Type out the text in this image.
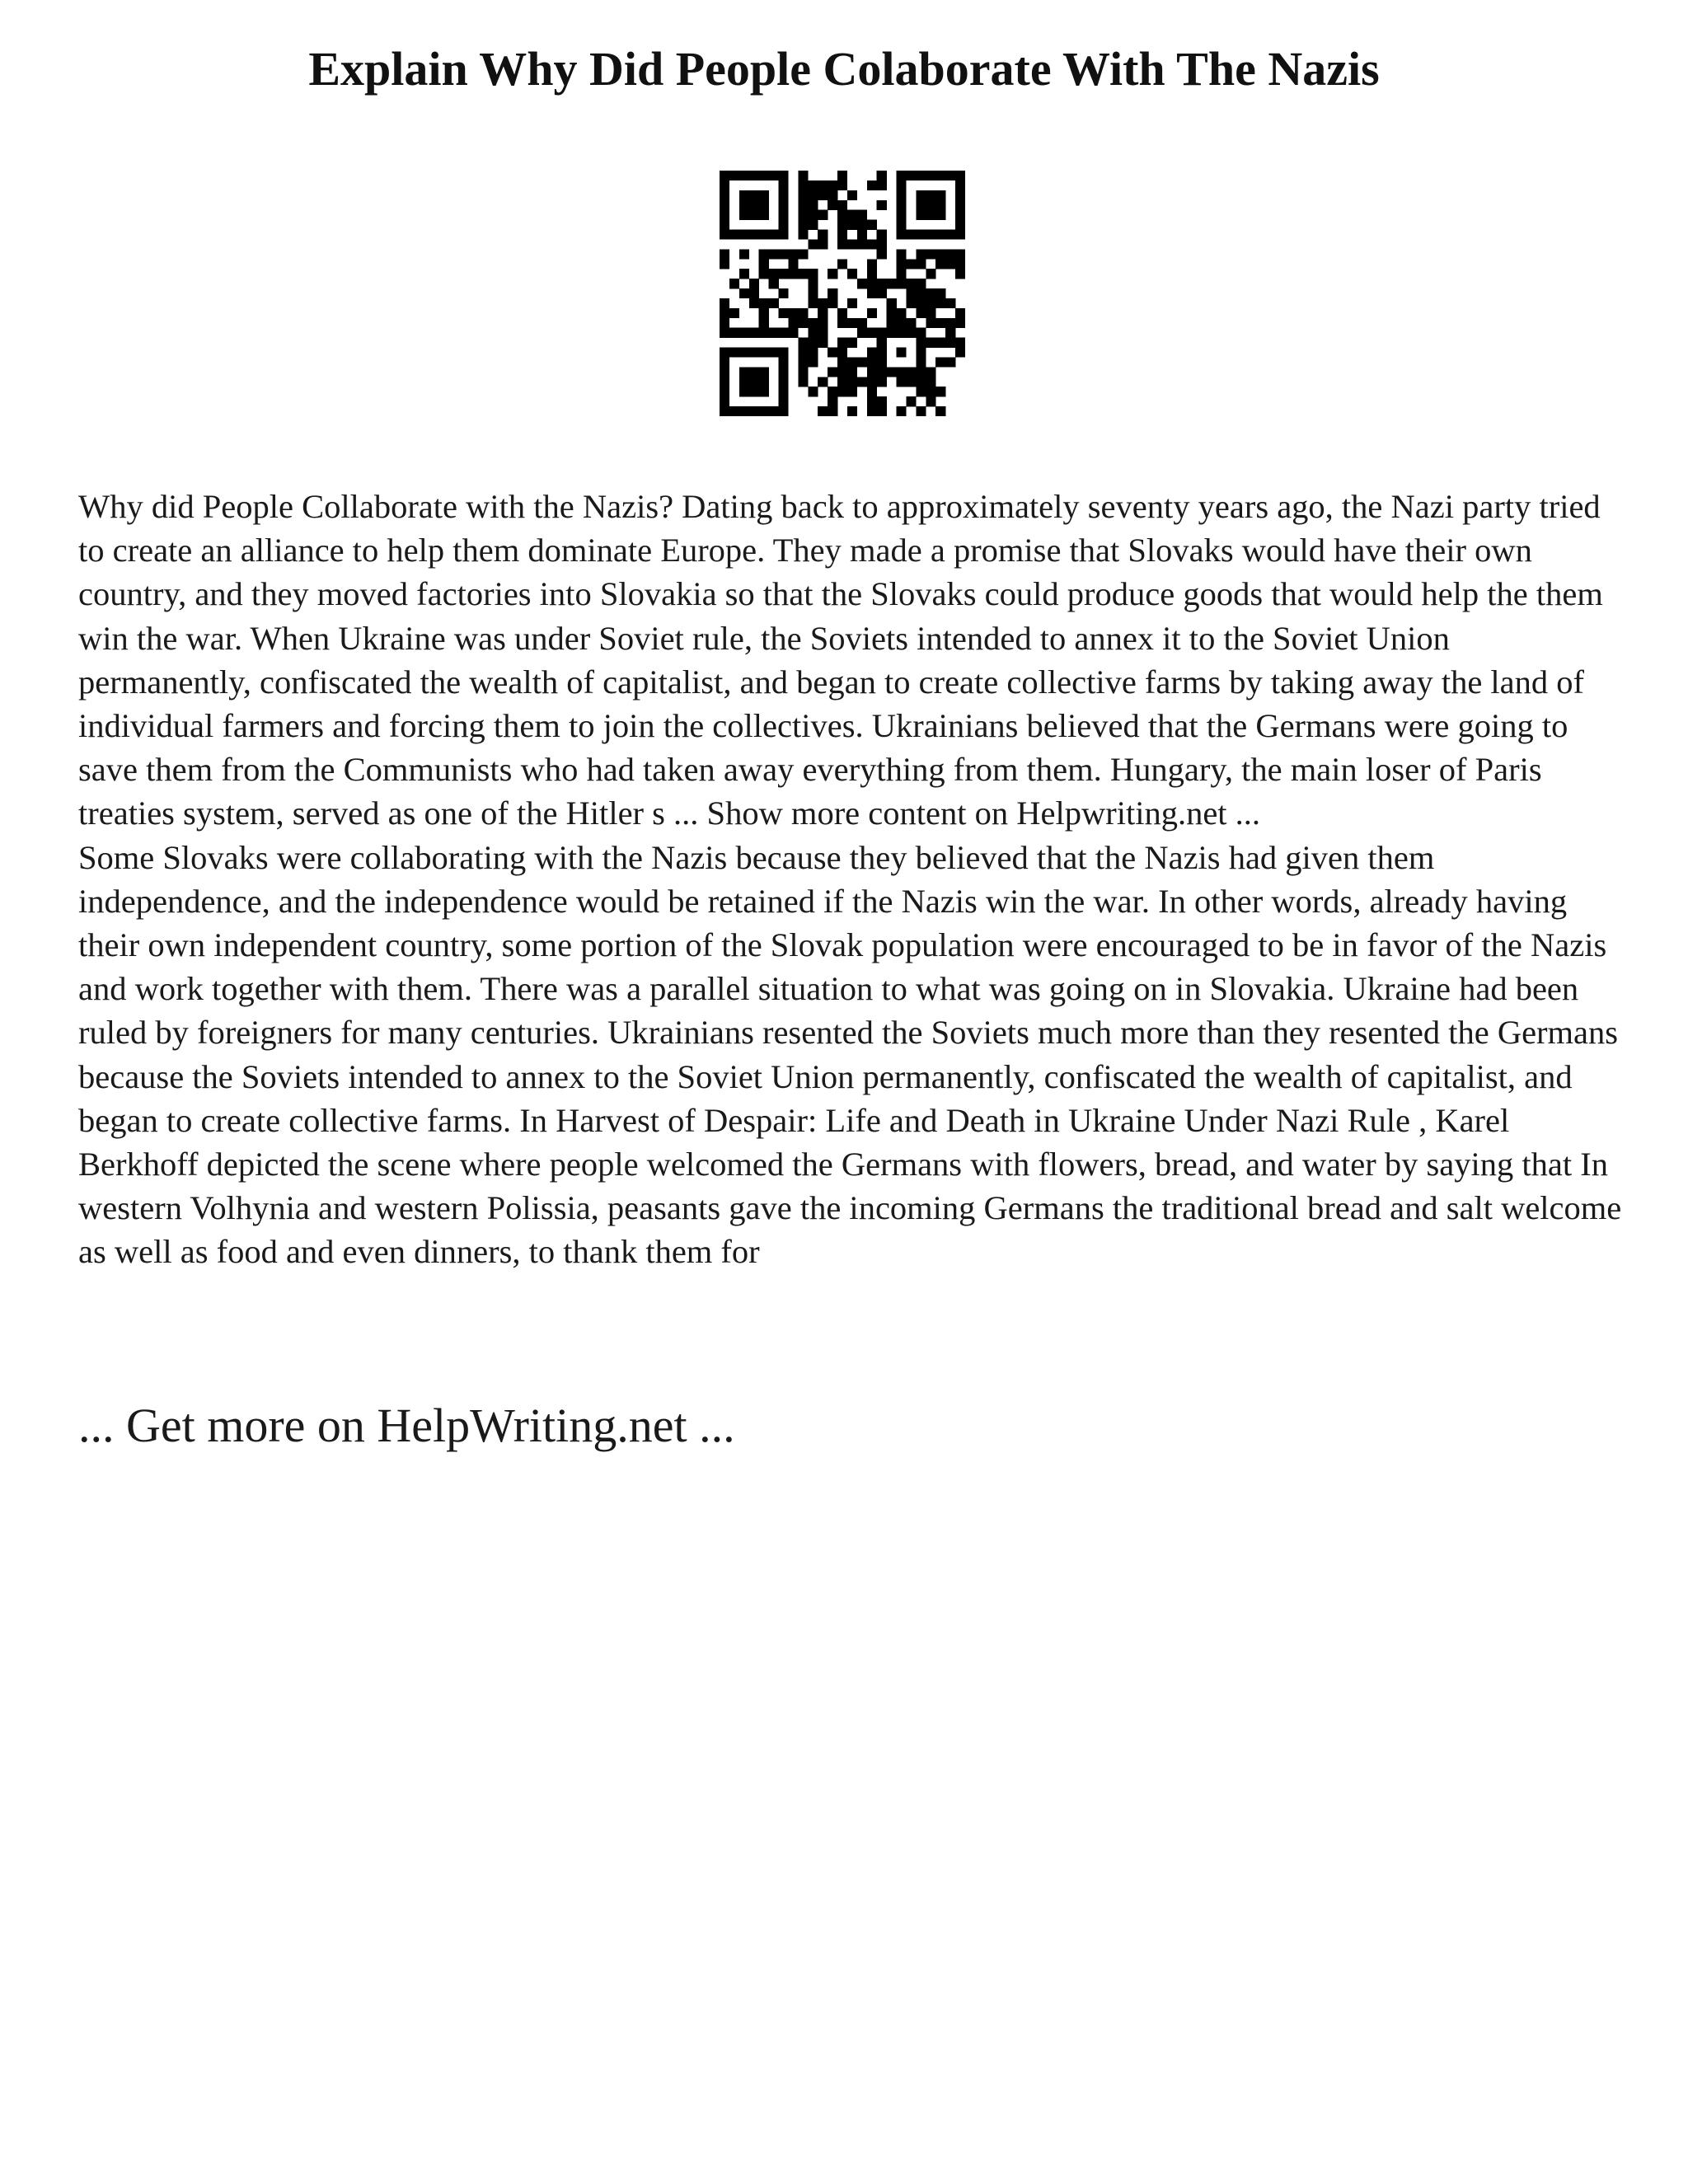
Explain Why Did People Colaborate With The Nazis

Why did People Collaborate with the Nazis? Dating back to approximately seventy years ago, the Nazi party tried to create an alliance to help them dominate Europe. They made a promise that Slovaks would have their own country, and they moved factories into Slovakia so that the Slovaks could produce goods that would help the them win the war. When Ukraine was under Soviet rule, the Soviets intended to annex it to the Soviet Union permanently, confiscated the wealth of capitalist, and began to create collective farms by taking away the land of individual farmers and forcing them to join the collectives. Ukrainians believed that the Germans were going to save them from the Communists who had taken away everything from them. Hungary, the main loser of Paris treaties system, served as one of the Hitler s ... Show more content on Helpwriting.net ...

Some Slovaks were collaborating with the Nazis because they believed that the Nazis had given them independence, and the independence would be retained if the Nazis win the war. In other words, already having their own independent country, some portion of the Slovak population were encouraged to be in favor of the Nazis and work together with them. There was a parallel situation to what was going on in Slovakia. Ukraine had been ruled by foreigners for many centuries. Ukrainians resented the Soviets much more than they resented the Germans because the Soviets intended to annex to the Soviet Union permanently, confiscated the wealth of capitalist, and began to create collective farms. In Harvest of Despair: Life and Death in Ukraine Under Nazi Rule , Karel Berkhoff depicted the scene where people welcomed the Germans with flowers, bread, and water by saying that In western Volhynia and western Polissia, peasants gave the incoming Germans the traditional bread and salt welcome as well as food and even dinners, to thank them for

... Get more on HelpWriting.net ...
